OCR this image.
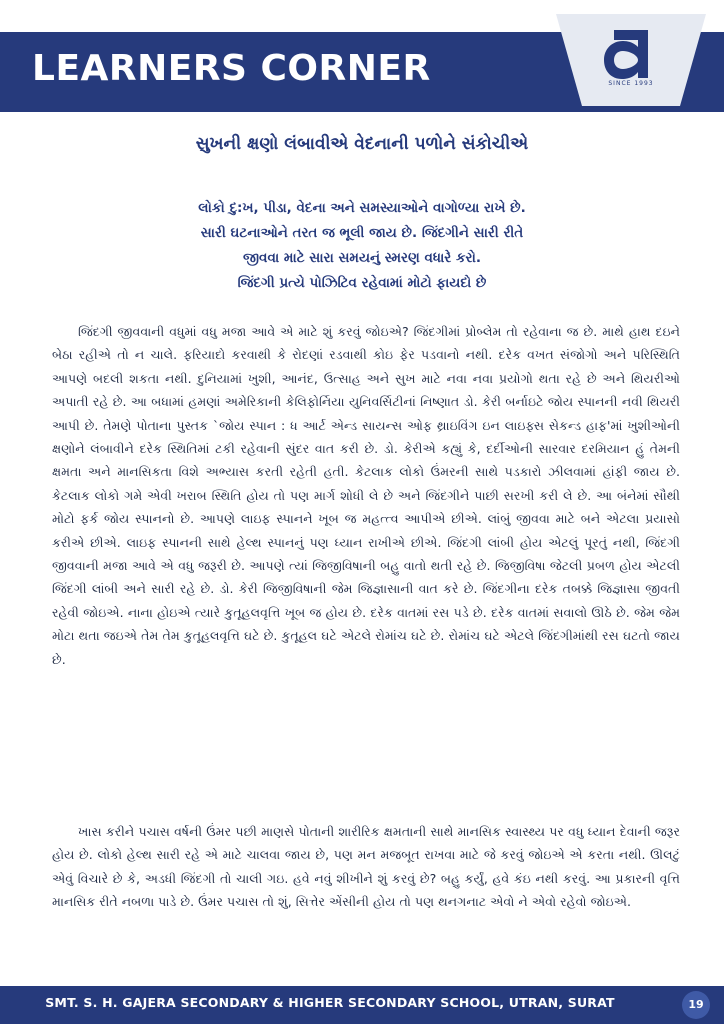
LEARNERS CORNER	SINCE 1993
સુખની ક્ષણો લંબાવીએ વેદનાની પળોને સંકોચીએ
લોકો દુ:ખ, પીડા, વેદના અને સમસ્યાઓને વાગોળ્યા રાખે છે.
સારી ઘટનાઓને તરત જ ભૂલી જાય છે. જિંદગીને સારી રીતે
જીવવા માટે સારા સમયનું સ્મરણ વધારે કરો.
જિંદગી પ્રત્યે પોઝિટિવ રહેવામાં મોટો ફાયદો છે
જિંદગી જીવવાની વધુમાં વધુ મજા આવે એ માટે શું કરવું જોઇએ? જિંદગીમાં પ્રોબ્લેમ તો રહેવાના જ છે. માથે હાથ દઇને બેઠા રહીએ તો ન ચાલે. ફરિયાદો કરવાથી કે રોદણાં રડવાથી કોઇ ફેર પડવાનો નથી. દરેક વખત સંજોગો અને પરિસ્થિતિ આપણે બદલી શકતા નથી. દુનિયામાં ખુશી, આનંદ, ઉત્સાહ અને સુખ માટે નવા નવા પ્રયોગો થતા રહે છે અને થિયરીઓ અપાતી રહે છે. આ બધામાં હમણાં અમેરિકાની કેલિફોર્નિયા યુનિવર્સિટીનાં નિષ્ણાત ડો. કેરી બર્નાઇટે જોય સ્પાનની નવી થિયરી આપી છે. તેમણે પોતાના પુસ્તક `જોય સ્પાન : ધ આર્ટ એન્ડ સાયન્સ ઓફ થ્રાઇવિંગ ઇન લાઇફ્સ સેકન્ડ હાફ'માં ખુશીઓની ક્ષણોને લંબાવીને દરેક સ્થિતિમાં ટકી રહેવાની સુંદર વાત કરી છે. ડો. કેરીએ કહ્યું કે, દર્દીઓની સારવાર દરમિયાન હું તેમની ક્ષમતા અને માનસિકતા વિશે અભ્યાસ કરતી રહેતી હતી. કેટલાક લોકો ઉંમરની સાથે પડકારો ઝીલવામાં હાંફી જાય છે. કેટલાક લોકો ગમે એવી ખરાબ સ્થિતિ હોય તો પણ માર્ગ શોધી લે છે અને જિંદગીને પાછી સરખી કરી લે છે. આ બંનેમાં સૌથી મોટો ફર્ક જોય સ્પાનનો છે. આપણે લાઇફ સ્પાનને ખૂબ જ મહત્ત્વ આપીએ છીએ. લાંબું જીવવા માટે બને એટલા પ્રયાસો કરીએ છીએ. લાઇફ સ્પાનની સાથે હેલ્થ સ્પાનનું પણ ધ્યાન રાખીએ છીએ. જિંદગી લાંબી હોય એટલું પૂરતું નથી, જિંદગી જીવવાની મજા આવે એ વધુ જરૂરી છે. આપણે ત્યાં જિજીવિષાની બહુ વાતો થતી રહે છે. જિજીવિષા જેટલી પ્રબળ હોય એટલી જિંદગી લાંબી અને સારી રહે છે. ડો. કેરી જિજીવિષાની જેમ જિજ્ઞાસાની વાત કરે છે. જિંદગીના દરેક તબક્કે જિજ્ઞાસા જીવતી રહેવી જોઇએ. નાના હોઇએ ત્યારે કુતૂહલવૃત્તિ ખૂબ જ હોય છે. દરેક વાતમાં રસ પડે છે. દરેક વાતમાં સવાલો ઊઠે છે. જેમ જેમ મોટા થતા જઇએ તેમ તેમ કુતૂહલવૃત્તિ ઘટે છે. કુતૂહલ ઘટે એટલે રોમાંચ ઘટે છે. રોમાંચ ઘટે એટલે જિંદગીમાંથી રસ ઘટતો જાય છે.
ખાસ કરીને પચાસ વર્ષની ઉંમર પછી માણસે પોતાની શારીરિક ક્ષમતાની સાથે માનસિક સ્વાસ્થ્ય પર વધુ ધ્યાન દેવાની જરૂર હોય છે. લોકો હેલ્થ સારી રહે એ માટે ચાલવા જાય છે, પણ મન મજબૂત રાખવા માટે જે કરવું જોઇએ એ કરતા નથી. ઊલટું એવું વિચારે છે કે, અડધી જિંદગી તો ચાલી ગઇ. હવે નવું શીખીને શું કરવું છે? બહુ કર્યું, હવે કંઇ નથી કરવું. આ પ્રકારની વૃત્તિ માનસિક રીતે નબળા પાડે છે. ઉંમર પચાસ તો શું, સિત્તેર એંસીની હોય તો પણ થનગનાટ એવો ને એવો રહેવો જોઇએ.
SMT. S. H. GAJERA SECONDARY & HIGHER SECONDARY SCHOOL, UTRAN, SURAT	19
